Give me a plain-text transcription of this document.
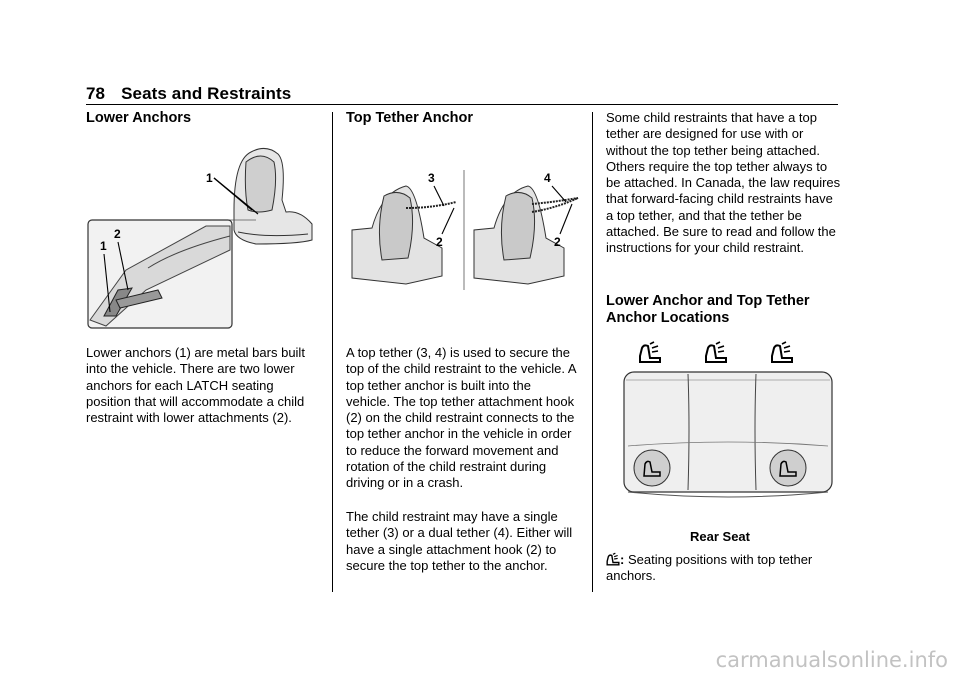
78 Seats and Restraints
Lower Anchors
1
2
1

Lower anchors (1) are metal bars built into the vehicle. There are two lower anchors for each LATCH seating position that will accommodate a child restraint with lower attachments (2).

Top Tether Anchor
3
2
4
2

A top tether (3, 4) is used to secure the top of the child restraint to the vehicle. A top tether anchor is built into the vehicle. The top tether attachment hook (2) on the child restraint connects to the top tether anchor in the vehicle in order to reduce the forward movement and rotation of the child restraint during driving or in a crash.

The child restraint may have a single tether (3) or a dual tether (4). Either will have a single attachment hook (2) to secure the top tether to the anchor.

Some child restraints that have a top tether are designed for use with or without the top tether being attached. Others require the top tether always to be attached. In Canada, the law requires that forward-facing child restraints have a top tether, and that the tether be attached. Be sure to read and follow the instructions for your child restraint.

Lower Anchor and Top Tether Anchor Locations
Rear Seat

: Seating positions with top tether anchors.

carmanualsonline.info
